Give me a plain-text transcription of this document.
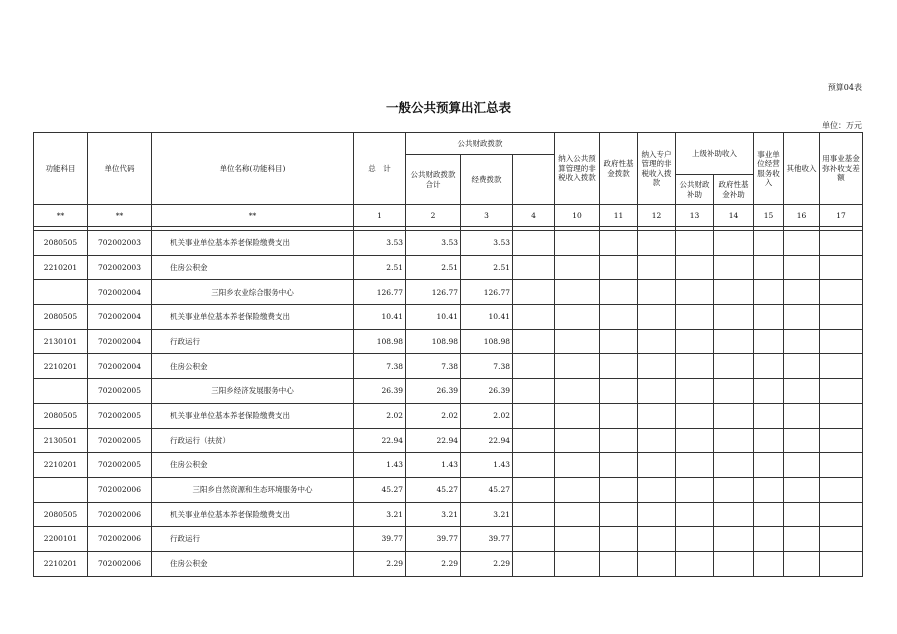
预算04表
一般公共预算出汇总表
单位：万元
功能科目	单位代码	单位名称(功能科目)	总　计	公共财政拨款			纳入公共预算管理的非税收入拨款	政府性基金拨款	纳入专户管理的非税收入拨款	上级补助收入		事业单位经营服务收入	其他收入	用事业基金弥补收支差额	
				公共财政拨款合计	经费拨款										
										公共财政补助	政府性基金补助				
**	**	**	1	2	3	4	10	11	12	13	14	15	16	17	

2080505	702002003	机关事业单位基本养老保险缴费支出	3.53	3.53	3.53										
2210201	702002003	住房公积金	2.51	2.51	2.51										
	702002004	三阳乡农业综合服务中心	126.77	126.77	126.77										
2080505	702002004	机关事业单位基本养老保险缴费支出	10.41	10.41	10.41										
2130101	702002004	行政运行	108.98	108.98	108.98										
2210201	702002004	住房公积金	7.38	7.38	7.38										
	702002005	三阳乡经济发展服务中心	26.39	26.39	26.39										
2080505	702002005	机关事业单位基本养老保险缴费支出	2.02	2.02	2.02										
2130501	702002005	行政运行（扶贫）	22.94	22.94	22.94										
2210201	702002005	住房公积金	1.43	1.43	1.43										
	702002006	三阳乡自然资源和生态环境服务中心	45.27	45.27	45.27										
2080505	702002006	机关事业单位基本养老保险缴费支出	3.21	3.21	3.21										
2200101	702002006	行政运行	39.77	39.77	39.77										
2210201	702002006	住房公积金	2.29	2.29	2.29										
